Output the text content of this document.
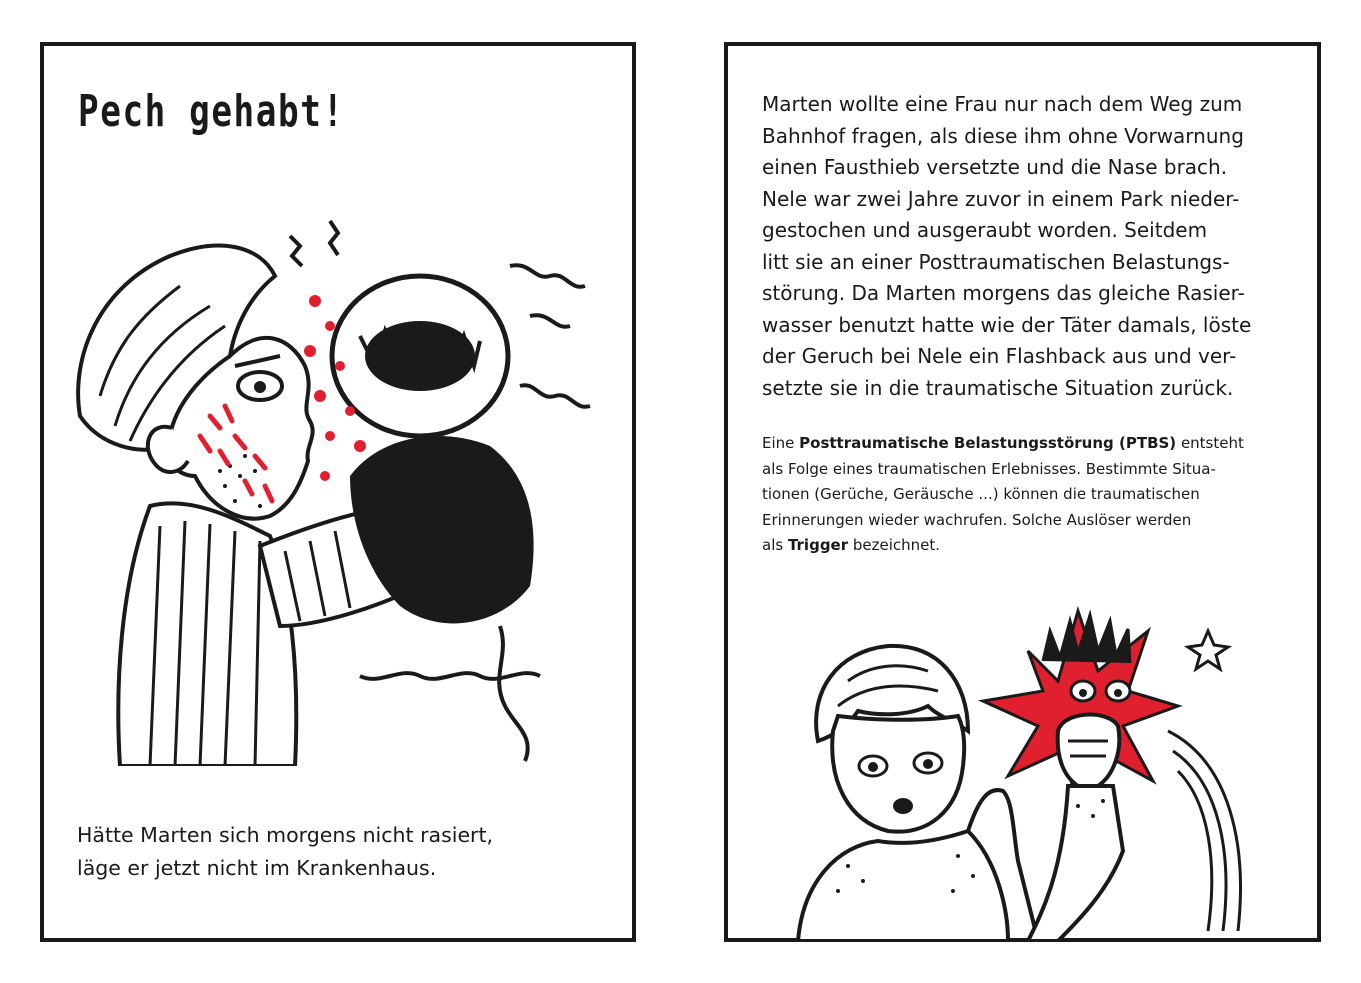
Pech gehabt!

Hätte Marten sich morgens nicht rasiert,
läge er jetzt nicht im Krankenhaus.

Marten wollte eine Frau nur nach dem Weg zum
Bahnhof fragen, als diese ihm ohne Vorwarnung
einen Fausthieb versetzte und die Nase brach.
Nele war zwei Jahre zuvor in einem Park nieder-
gestochen und ausgeraubt worden. Seitdem
litt sie an einer Posttraumatischen Belastungs-
störung. Da Marten morgens das gleiche Rasier-
wasser benutzt hatte wie der Täter damals, löste
der Geruch bei Nele ein Flashback aus und ver-
setzte sie in die traumatische Situation zurück.

Eine Posttraumatische Belastungsstörung (PTBS) entsteht
als Folge eines traumatischen Erlebnisses. Bestimmte Situa-
tionen (Gerüche, Geräusche ...) können die traumatischen
Erinnerungen wieder wachrufen. Solche Auslöser werden
als Trigger bezeichnet.
